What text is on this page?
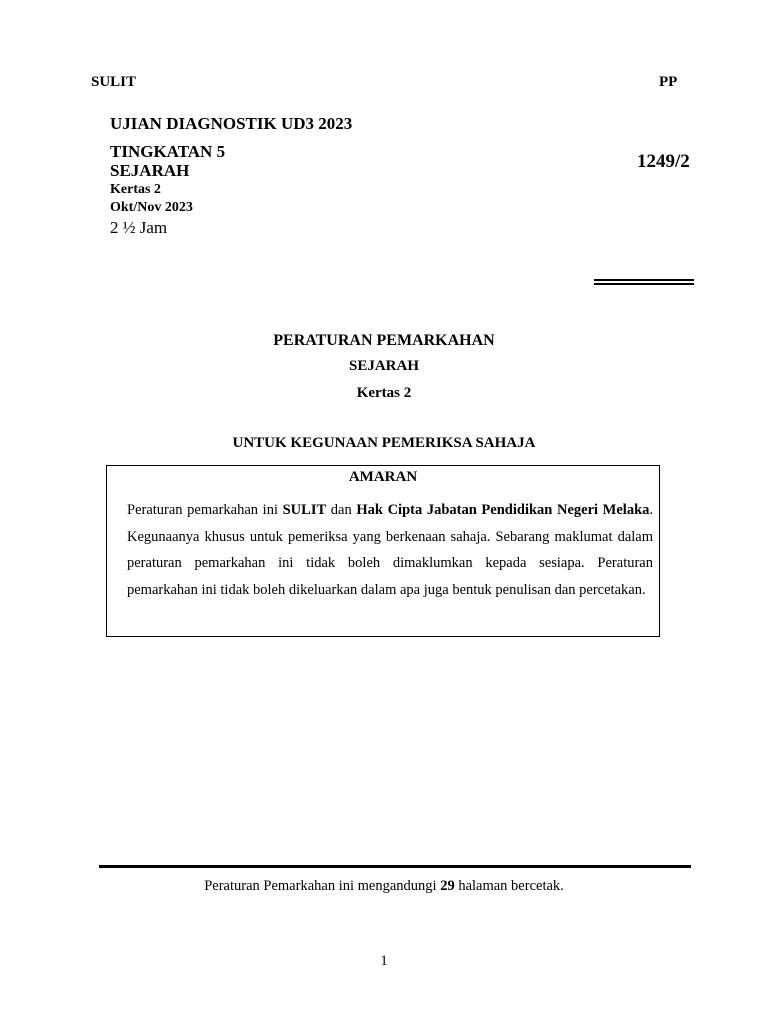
SULIT	PP
UJIAN DIAGNOSTIK UD3 2023
TINGKATAN 5
SEJARAH
Kertas 2
Okt/Nov 2023
2 ½ Jam
1249/2
PERATURAN PEMARKAHAN
SEJARAH
Kertas 2
UNTUK KEGUNAAN PEMERIKSA SAHAJA
AMARAN
Peraturan pemarkahan ini SULIT dan Hak Cipta Jabatan Pendidikan Negeri Melaka. Kegunaanya khusus untuk pemeriksa yang berkenaan sahaja. Sebarang maklumat dalam peraturan pemarkahan ini tidak boleh dimaklumkan kepada sesiapa. Peraturan pemarkahan ini tidak boleh dikeluarkan dalam apa juga bentuk penulisan dan percetakan.
Peraturan Pemarkahan ini mengandungi 29 halaman bercetak.
1
